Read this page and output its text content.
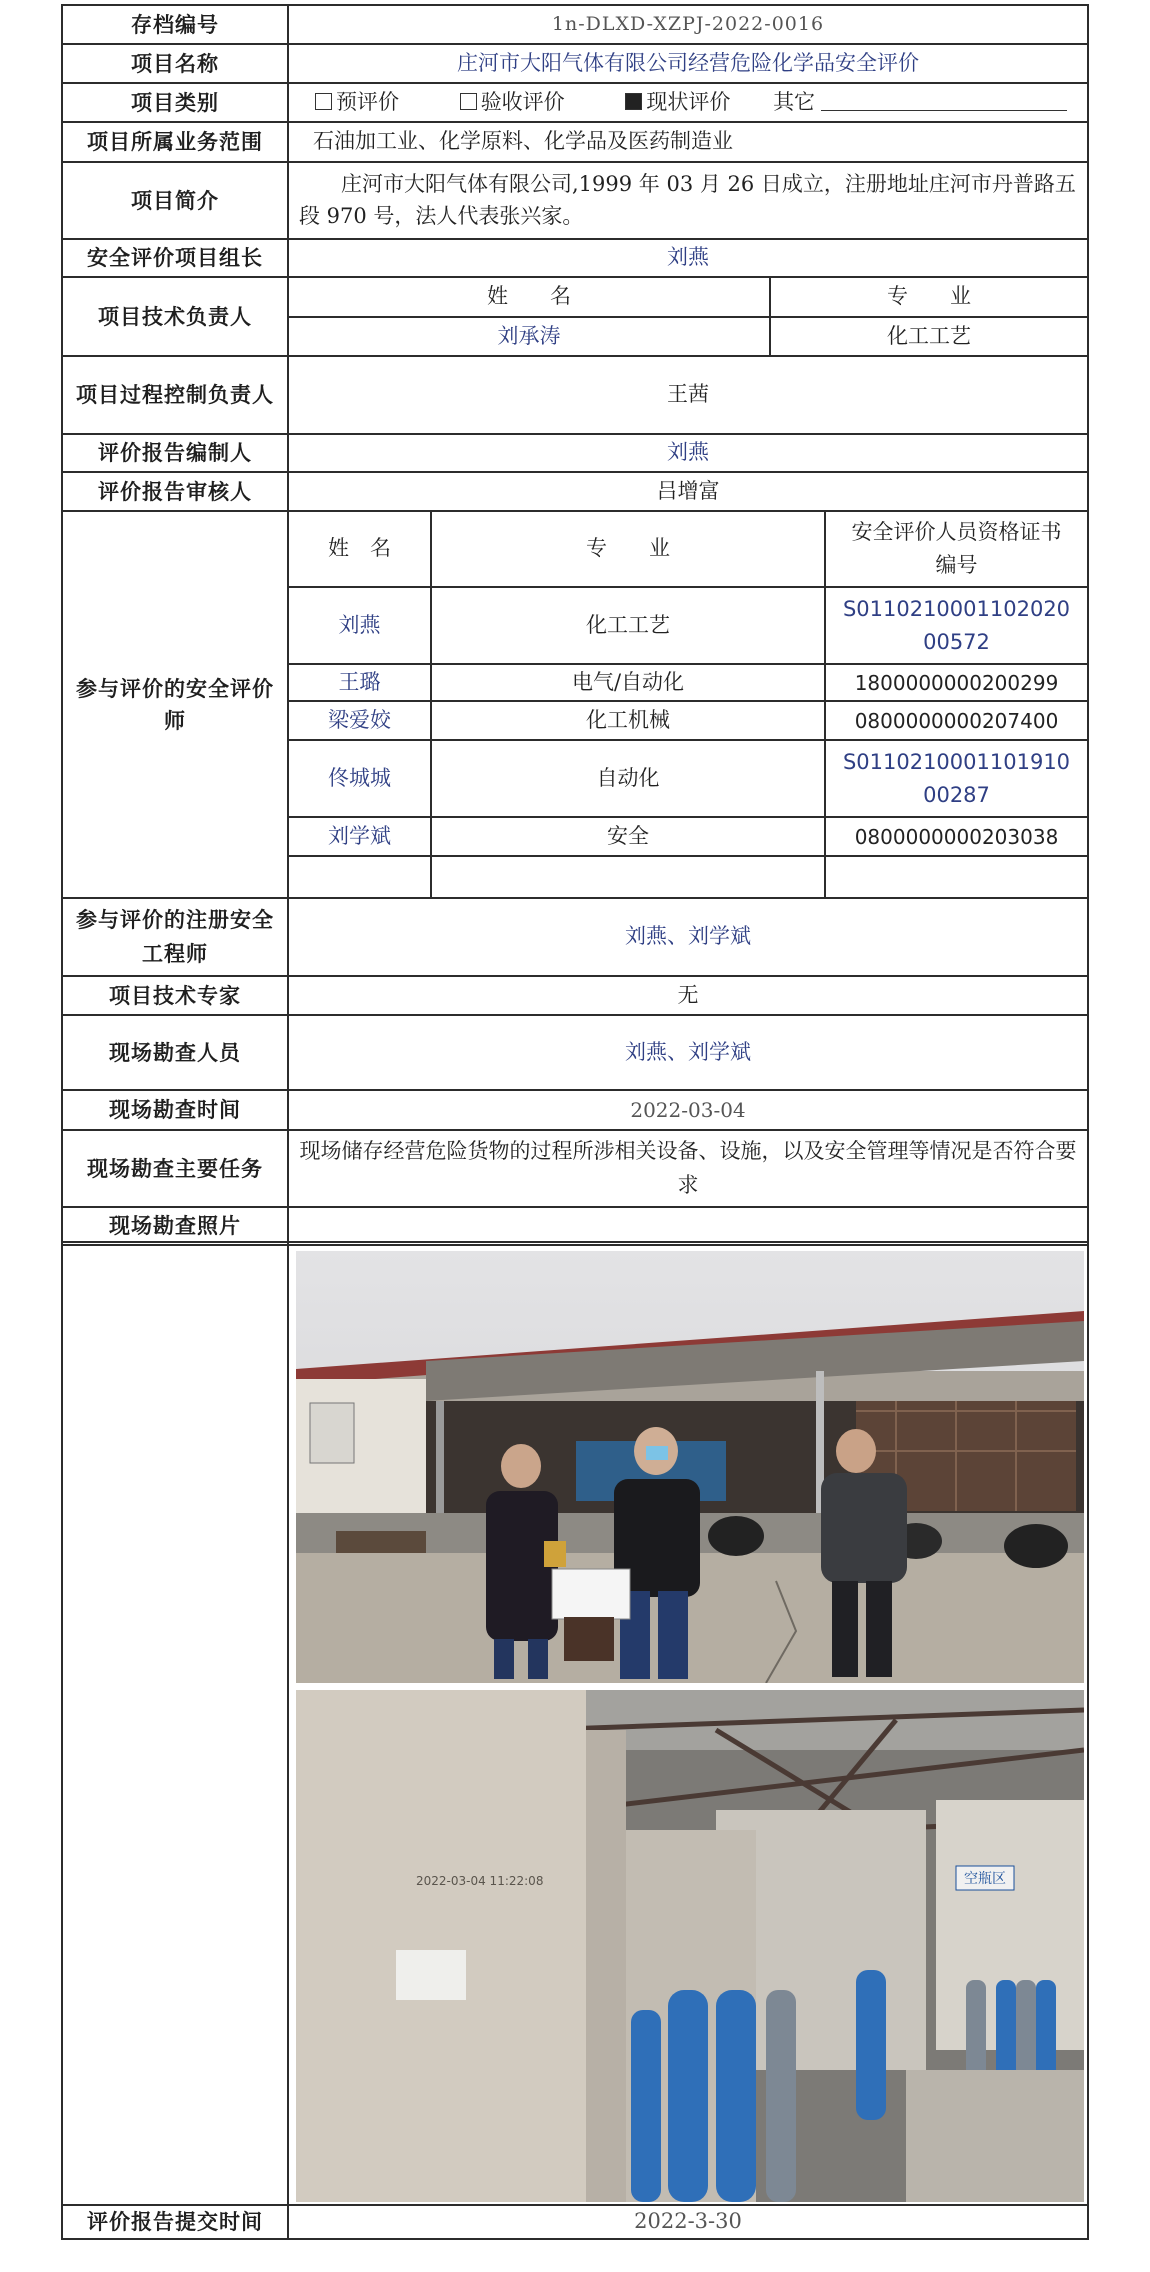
存档编号	1n-DLXD-XZPJ-2022-0016
项目名称	庄河市大阳气体有限公司经营危险化学品安全评价
项目类别	预评价	验收评价	现状评价 其它
项目所属业务范围	石油加工业、化学原料、化学品及医药制造业
项目简介	庄河市大阳气体有限公司,1999 年 03 月 26 日成立，注册地址庄河市丹普路五段 970 号，法人代表张兴家。
安全评价项目组长	刘燕
项目技术负责人	
姓　　名	专　　业
刘承涛	化工工艺

项目过程控制负责人	王茜
评价报告编制人	刘燕
评价报告审核人	吕增富
参与评价的安全评价师	
姓　名	专　　业	安全评价人员资格证书编号
刘燕	化工工艺	S011021000110202000572
王璐	电气/自动化	1800000000200299
梁爱姣	化工机械	0800000000207400
佟城城	自动化	S011021000110191000287
刘学斌	安全	0800000000203038

参与评价的注册安全工程师	刘燕、刘学斌
项目技术专家	无
现场勘查人员	刘燕、刘学斌
现场勘查时间	2022-03-04
现场勘查主要任务	现场储存经营危险货物的过程所涉相关设备、设施，以及安全管理等情况是否符合要求
现场勘查照片	

空瓶区
2022-03-04 11:22:08

评价报告提交时间	2022-3-30
